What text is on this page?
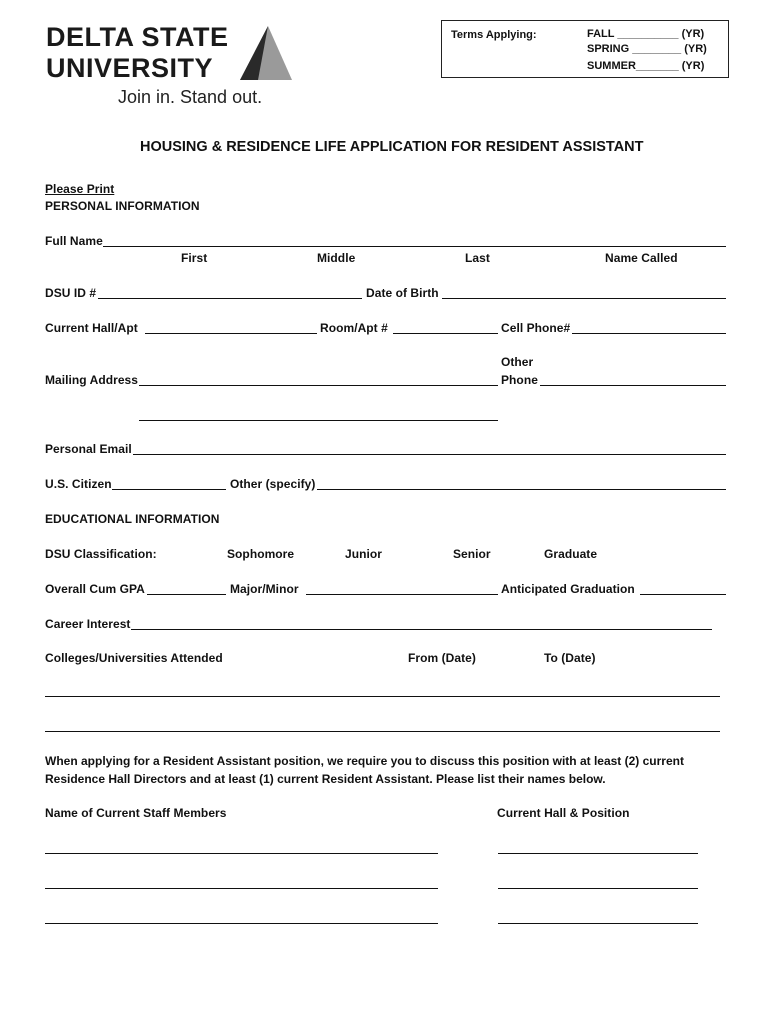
DELTA STATE
UNIVERSITY
Join in. Stand out.
Terms Applying:	FALL __________ (YR)
SPRING ________ (YR)
SUMMER_______ (YR)
HOUSING & RESIDENCE LIFE APPLICATION FOR RESIDENT ASSISTANT
Please Print
PERSONAL INFORMATION
Full Name
First	Middle	Last	Name Called
DSU ID #	Date of Birth
Current Hall/Apt	Room/Apt #	Cell Phone#
Other
Mailing Address	Phone
Personal Email
U.S. Citizen	Other (specify)
EDUCATIONAL INFORMATION
DSU Classification:	Sophomore	Junior	Senior	Graduate
Overall Cum GPA	Major/Minor	Anticipated Graduation
Career Interest
Colleges/Universities Attended	From (Date)	To (Date)
When applying for a Resident Assistant position, we require you to discuss this position with at least (2) current Residence Hall Directors and at least (1) current Resident Assistant. Please list their names below.
Name of Current Staff Members	Current Hall & Position
